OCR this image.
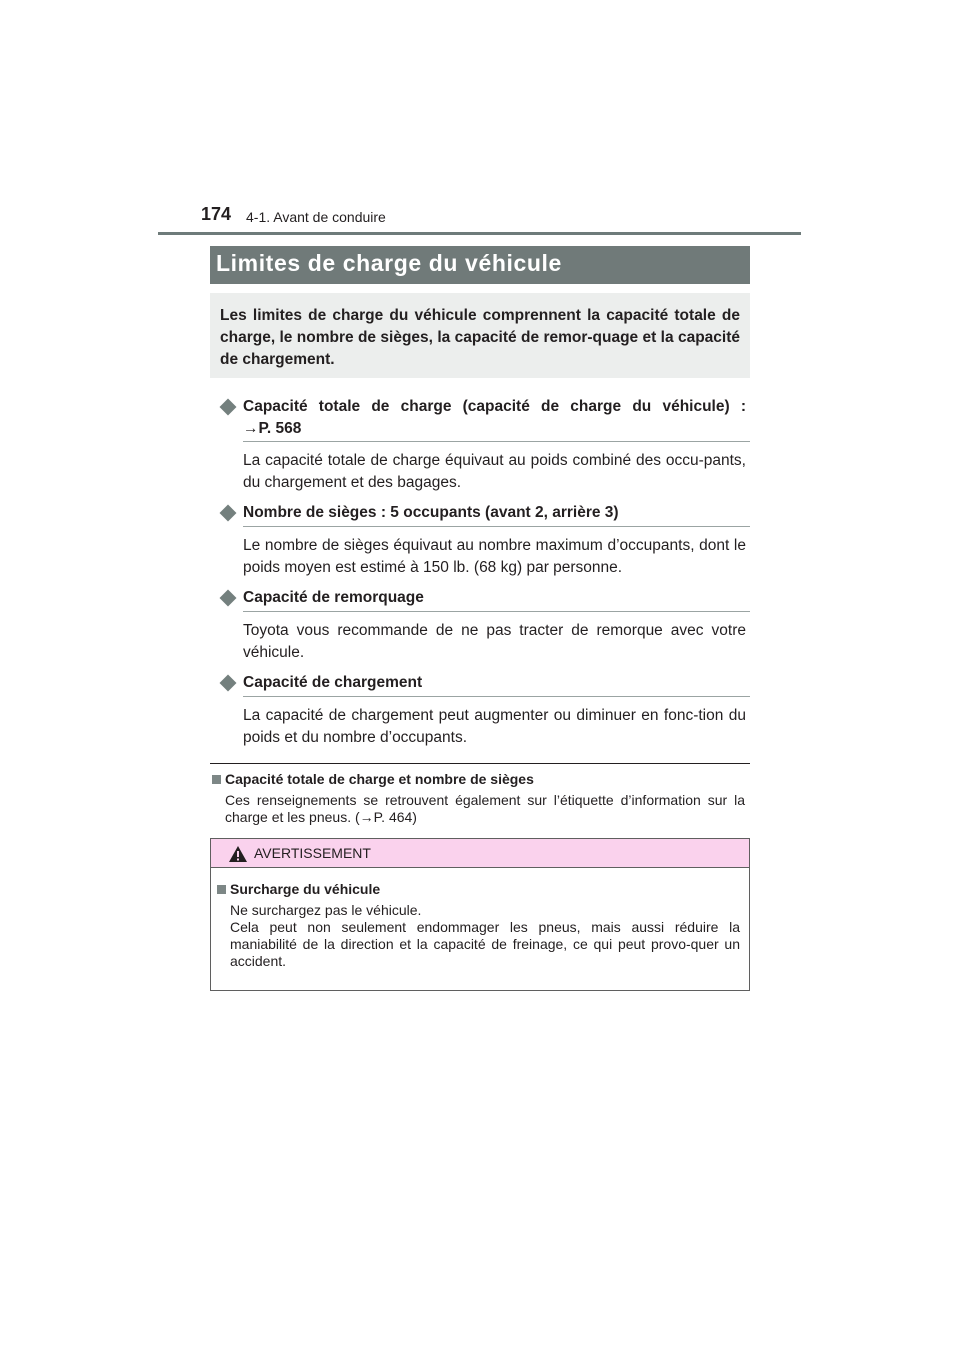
174 4-1. Avant de conduire
Limites de charge du véhicule
Les limites de charge du véhicule comprennent la capacité totale de charge, le nombre de sièges, la capacité de remor-quage et la capacité de chargement.
Capacité totale de charge (capacité de charge du véhicule) :
→P. 568
La capacité totale de charge équivaut au poids combiné des occu-pants, du chargement et des bagages.
Nombre de sièges : 5 occupants (avant 2, arrière 3)
Le nombre de sièges équivaut au nombre maximum d’occupants, dont le poids moyen est estimé à 150 lb. (68 kg) par personne.
Capacité de remorquage
Toyota vous recommande de ne pas tracter de remorque avec votre véhicule.
Capacité de chargement
La capacité de chargement peut augmenter ou diminuer en fonc-tion du poids et du nombre d’occupants.
Capacité totale de charge et nombre de sièges
Ces renseignements se retrouvent également sur l’étiquette d’information sur la charge et les pneus. (→P. 464)
AVERTISSEMENT
Surcharge du véhicule
Ne surchargez pas le véhicule.
Cela peut non seulement endommager les pneus, mais aussi réduire la maniabilité de la direction et la capacité de freinage, ce qui peut provo-quer un accident.
